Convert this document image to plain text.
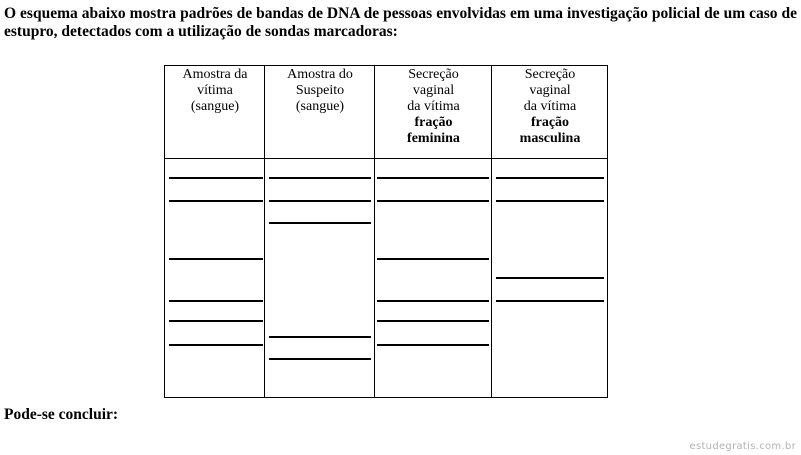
O esquema abaixo mostra padrões de bandas de DNA de pessoas envolvidas em uma investigação policial de um caso de estupro, detectados com a utilização de sondas marcadoras:

Amostra da
vítima
(sangue)
Amostra do
Suspeito
(sangue)
Secreção
vaginal
da vítima
fração
feminina
Secreção
vaginal
da vítima
fração
masculina

Pode-se concluir:

estudegratis.com.br
